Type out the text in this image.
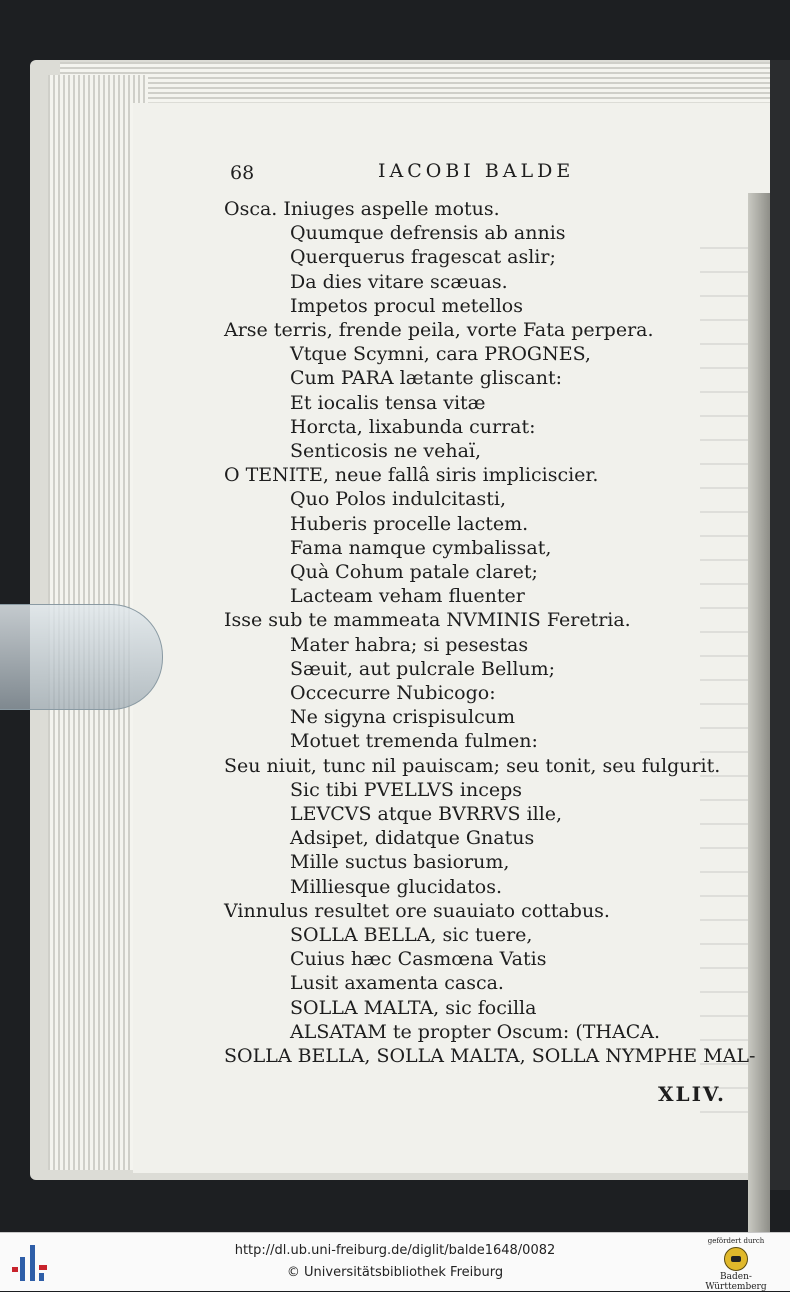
68	IACOBI BALDE
Osca. Iniuges aspelle motus.
Quumque defrensis ab annis
Querquerus fragescat aslir;
Da dies vitare scæuas.
Impetos procul metellos
Arse terris, frende peila, vorte Fata perpera.
Vtque Scymni, cara PROGNES,
Cum PARA lætante gliscant:
Et iocalis tensa vitæ
Horcta, lixabunda currat:
Senticosis ne vehaï,
O TENITE, neue fallâ siris impliciscier.
Quo Polos indulcitasti,
Huberis procelle lactem.
Fama namque cymbalissat,
Quà Cohum patale claret;
Lacteam veham fluenter
Isse sub te mammeata NVMINIS Feretria.
Mater habra; si pesestas
Sæuit, aut pulcrale Bellum;
Occecurre Nubicogo:
Ne sigyna crispisulcum
Motuet tremenda fulmen:
Seu niuit, tunc nil pauiscam; seu tonit, seu fulgurit.
Sic tibi PVELLVS inceps
LEVCVS atque BVRRVS ille,
Adsipet, didatque Gnatus
Mille suctus basiorum,
Milliesque glucidatos.
Vinnulus resultet ore suauiato cottabus.
SOLLA BELLA, sic tuere,
Cuius hæc Casmœna Vatis
Lusit axamenta casca.
SOLLA MALTA, sic focilla
ALSATAM te propter Oscum: (THACA.
SOLLA BELLA, SOLLA MALTA, SOLLA NYMPHE MAL-
XLIV.
http://dl.ub.uni-freiburg.de/diglit/balde1648/0082
© Universitätsbibliothek Freiburg
gefördert durch
Baden-Württemberg
